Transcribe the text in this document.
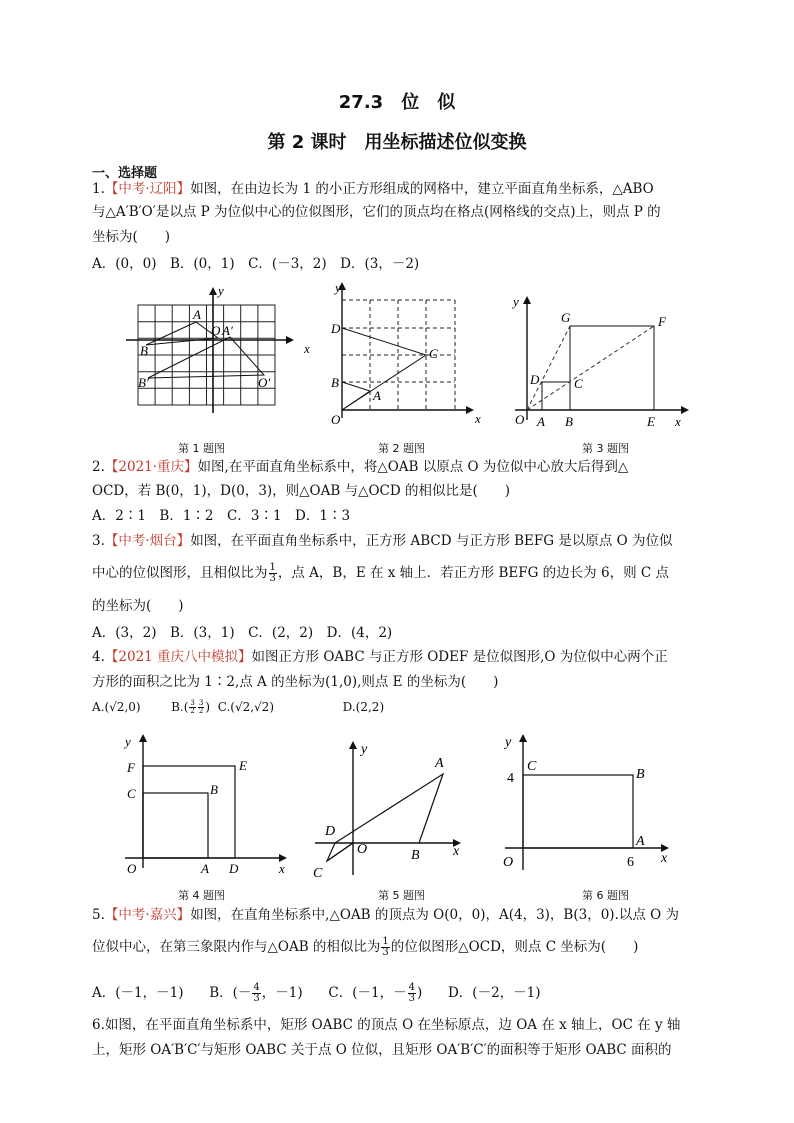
27.3　位　似
第 2 课时　用坐标描述位似变换
一、选择题
1.【中考·辽阳】如图，在由边长为 1 的小正方形组成的网格中，建立平面直角坐标系，△ABO
与△A′B′O′是以点 P 为位似中心的位似图形，它们的顶点均在格点(网格线的交点)上，则点 P 的
坐标为(　　)
A．(0，0)　B．(0，1)　C．(－3，2)　D．(3，－2)
x
y
A
O A′
B
B′	O′
第 1 题图
x
y
D
C
B
A
O
第 2 题图
y
G	F
D	C
O A B	E x
第 3 题图
2.【2021·重庆】如图,在平面直角坐标系中，将△OAB 以原点 O 为位似中心放大后得到△
OCD，若 B(0，1)，D(0，3)，则△OAB 与△OCD 的相似比是(　　)
A．2∶1　B．1∶2　C．3∶1　D．1∶3
3.【中考·烟台】如图，在平面直角坐标系中，正方形 ABCD 与正方形 BEFG 是以原点 O 为位似
中心的位似图形，且相似比为 $\frac{1}{3}$ ，点 A，B，E 在 x 轴上．若正方形 BEFG 的边长为 6，则 C 点
的坐标为(　　)
A．(3，2)　B．(3，1)　C．(2，2)　D．(4，2)
4.【2021 重庆八中模拟】如图正方形 OABC 与正方形 ODEF 是位似图形,O 为位似中心两个正
方形的面积之比为 1∶2,点 A 的坐标为(1,0),则点 E 的坐标为(　　)
A.(√2,0)	$B.( \frac{3}{2} \frac{3}{2}$ ) C.(√2,√2)	D.(2,2)
y
F	E
C	B
O	A D	x
第 4 题图
y
A
D
O	B x
C
第 5 题图
y
C
4	B
A
O	6 x
第 6 题图
5.【中考·嘉兴】如图，在直角坐标系中,△OAB 的顶点为 O(0，0)，A(4，3)，B(3，0).以点 O 为
位似中心，在第三象限内作与△OAB 的相似比为 $\frac{1}{3}$ 的位似图形△OCD，则点 C 坐标为(　　)
A．(－1，－1) B．(－ $\frac{4}{3}$ ，－1) C．(－1，－ $\frac{4}{3}$ ) D．(－2，－1)
6.如图，在平面直角坐标系中，矩形 OABC 的顶点 O 在坐标原点，边 OA 在 x 轴上，OC 在 y 轴
上，矩形 OA′B′C′与矩形 OABC 关于点 O 位似，且矩形 OA′B′C′的面积等于矩形 OABC 面积的
